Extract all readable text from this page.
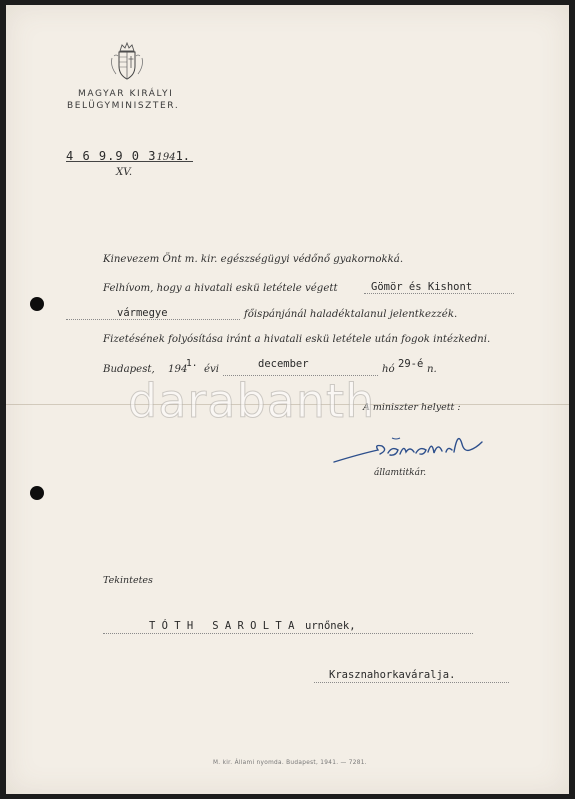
MAGYAR KIRÁLYI
BELÜGYMINISZTER.
4 6 9.9 0 31941.
XV.
Kinevezem Önt m. kir. egészségügyi védőnő gyakornokká.
Felhívom, hogy a hivatali eskü letétele végett	Gömör és Kishont
vármegye	főispánjánál haladéktalanul jelentkezzék.
Fizetésének folyósítása iránt a hivatali eskü letétele után fogok intézkedni.
Budapest, 194
1.
évi	december	hó 29-é n.
A miniszter helyett :
államtitkár.
Tekintetes
T Ó T H   S A R O L T A urnőnek,
Krasznahorkaváralja.
darabanth
M. kir. Állami nyomda. Budapest, 1941. — 7281.
